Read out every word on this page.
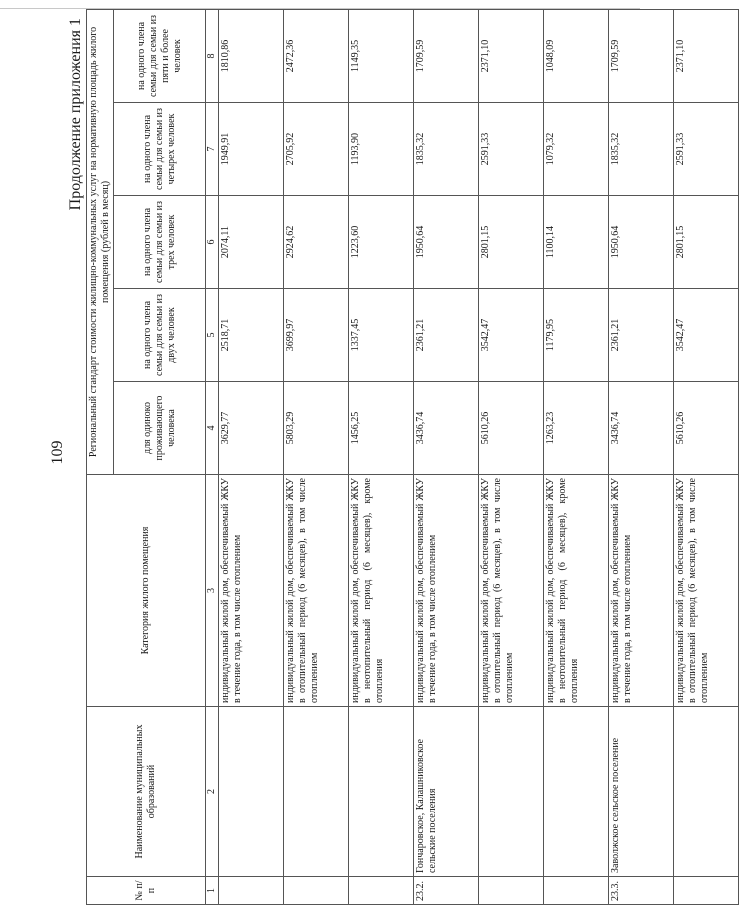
109
Продолжение приложения 1
№ п/п	Наименование муниципальных образований	Категория жилого помещения	Региональный стандарт стоимости жилищно-коммунальных услуг на нормативную площадь жилого помещения (рублей в месяц)				
			для одиноко проживающего человека	на одного члена семьи для семьи из двух человек	на одного члена семьи для семьи из трех человек	на одного члена семьи для семьи из четырех человек	на одного члена семьи для семьи из пяти и более человек
1	2	3	4	5	6	7	8
		индивидуальный жилой дом, обеспечиваемый ЖКУ в течение года, в том числе отоплением	3629,77	2518,71	2074,11	1949,91	1810,86
		индивидуальный жилой дом, обеспечиваемый ЖКУ в отопительный период (6 месяцев), в том числе отоплением	5803,29	3699,97	2924,62	2705,92	2472,36
		индивидуальный жилой дом, обеспечиваемый ЖКУ в неотопительный период (6 месяцев), кроме отопления	1456,25	1337,45	1223,60	1193,90	1149,35
23.2.	Гончаровское, Калашниковское сельские поселения	индивидуальный жилой дом, обеспечиваемый ЖКУ в течение года, в том числе отоплением	3436,74	2361,21	1950,64	1835,32	1709,59
		индивидуальный жилой дом, обеспечиваемый ЖКУ в отопительный период (6 месяцев), в том числе отоплением	5610,26	3542,47	2801,15	2591,33	2371,10
		индивидуальный жилой дом, обеспечиваемый ЖКУ в неотопительный период (6 месяцев), кроме отопления	1263,23	1179,95	1100,14	1079,32	1048,09
23.3.	Заволжское сельское поселение	индивидуальный жилой дом, обеспечиваемый ЖКУ в течение года, в том числе отоплением	3436,74	2361,21	1950,64	1835,32	1709,59
		индивидуальный жилой дом, обеспечиваемый ЖКУ в отопительный период (6 месяцев), в том числе отоплением	5610,26	3542,47	2801,15	2591,33	2371,10
